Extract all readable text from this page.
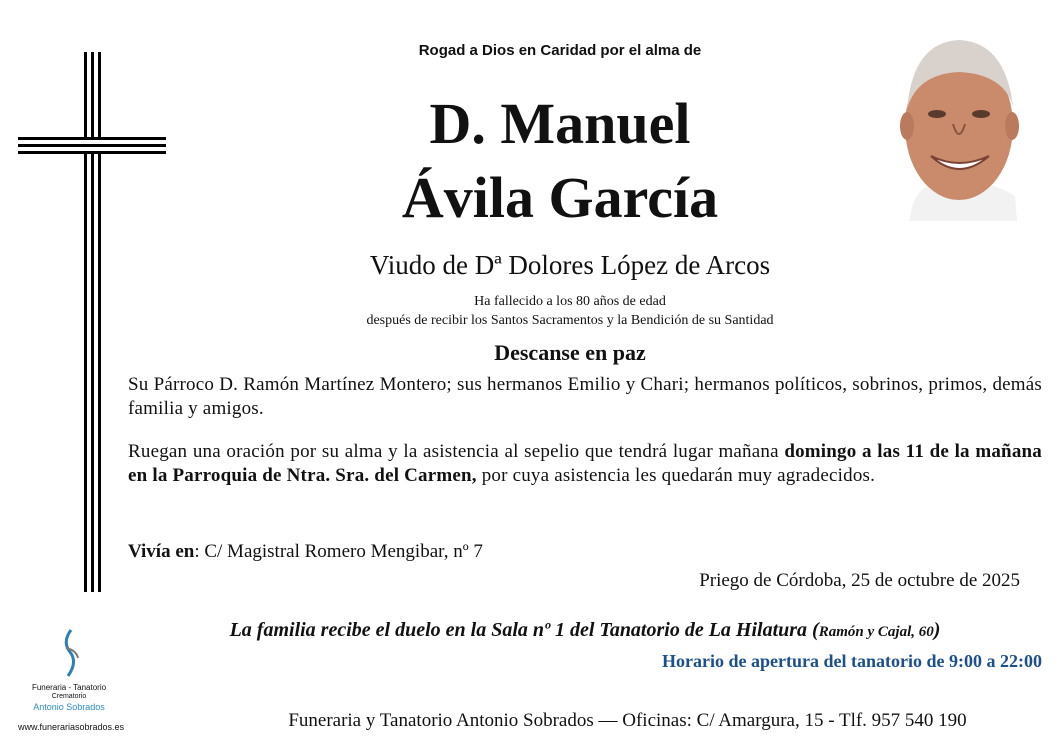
Rogad a Dios en Caridad por el alma de
D. Manuel
Ávila García
Viudo de Dª Dolores López de Arcos
Ha fallecido a los 80 años de edad
después de recibir los Santos Sacramentos y la Bendición de su Santidad
Descanse en paz
Su Párroco D. Ramón Martínez Montero; sus hermanos Emilio y Chari; hermanos políticos, sobrinos, primos, demás familia y amigos.
Ruegan una oración por su alma y la asistencia al sepelio que tendrá lugar mañana domingo a las 11 de la mañana en la Parroquia de Ntra. Sra. del Carmen, por cuya asistencia les quedarán muy agradecidos.
Vivía en: C/ Magistral Romero Mengibar, nº 7
Priego de Córdoba, 25 de octubre de 2025
La familia recibe el duelo en la Sala nº 1 del Tanatorio de La Hilatura (Ramón y Cajal, 60)
Horario de apertura del tanatorio de 9:00 a 22:00
Funeraria y Tanatorio Antonio Sobrados — Oficinas: C/ Amargura, 15 - Tlf. 957 540 190
Funeraria - Tanatorio
Crematorio
Antonio Sobrados
www.funerariasobrados.es
